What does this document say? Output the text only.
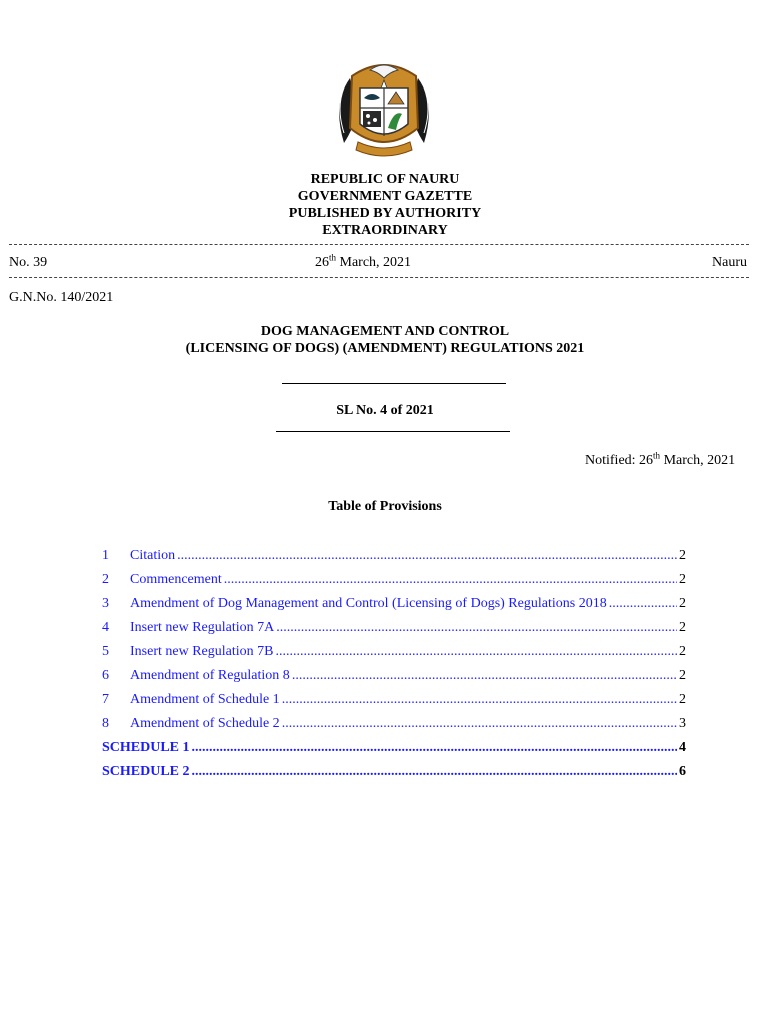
REPUBLIC OF NAURU
GOVERNMENT GAZETTE
PUBLISHED BY AUTHORITY
EXTRAORDINARY
No. 39	26th March, 2021	Nauru
G.N.No. 140/2021
DOG MANAGEMENT AND CONTROL
(LICENSING OF DOGS) (AMENDMENT) REGULATIONS 2021
SL No. 4 of 2021
Notified: 26th March, 2021
Table of Provisions
1	Citation .....	2
2	Commencement .....	2
3	Amendment of Dog Management and Control (Licensing of Dogs) Regulations 2018 .....	2
4	Insert new Regulation 7A .....	2
5	Insert new Regulation 7B .....	2
6	Amendment of Regulation 8 .....	2
7	Amendment of Schedule 1 .....	2
8	Amendment of Schedule 2 .....	3
SCHEDULE 1 .....	4
SCHEDULE 2 .....	6
